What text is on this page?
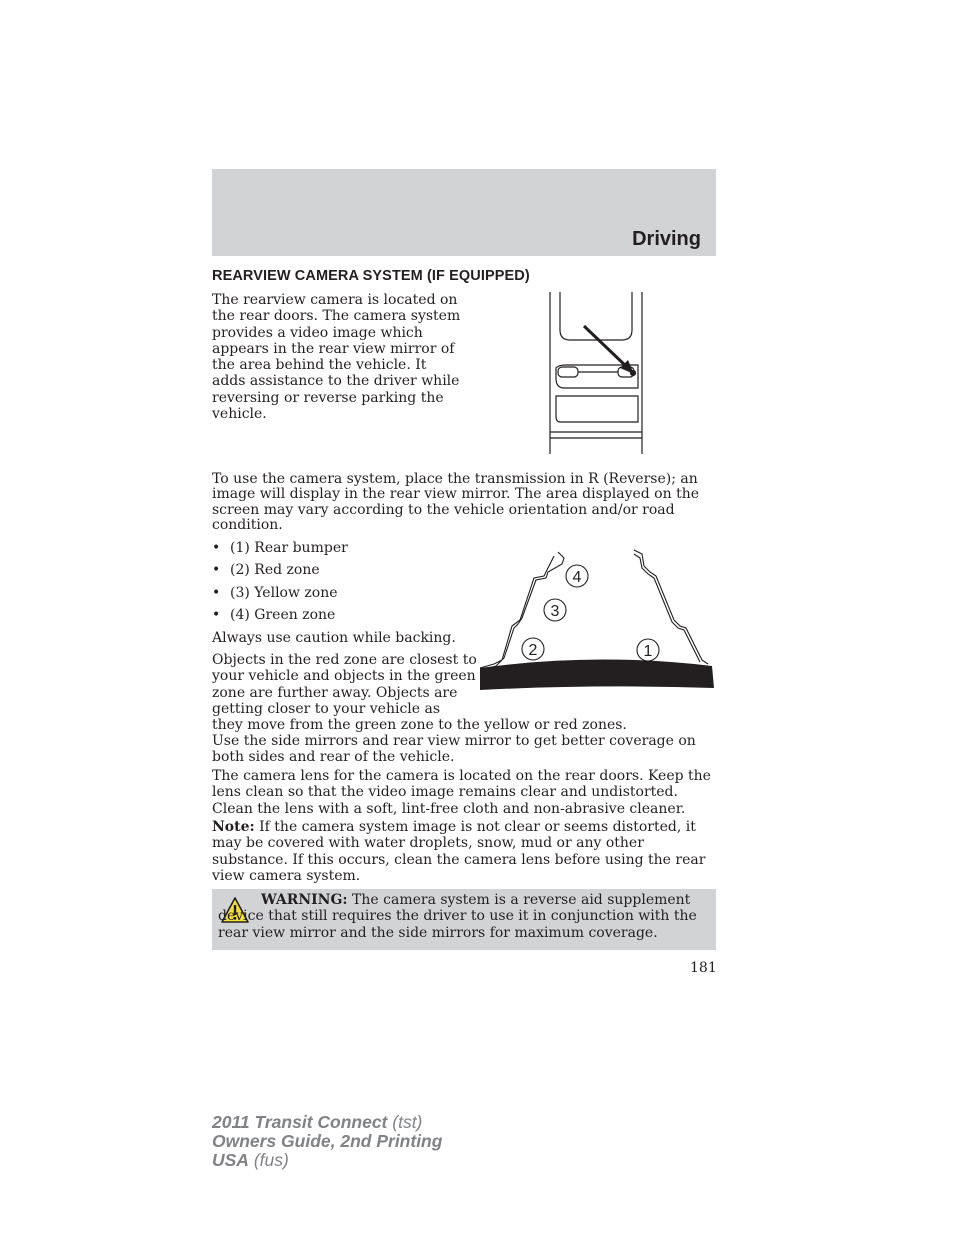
Driving
REARVIEW CAMERA SYSTEM (IF EQUIPPED)
The rearview camera is located on the rear doors. The camera system provides a video image which appears in the rear view mirror of the area behind the vehicle. It adds assistance to the driver while reversing or reverse parking the vehicle.
To use the camera system, place the transmission in R (Reverse); an image will display in the rear view mirror. The area displayed on the screen may vary according to the vehicle orientation and/or road condition.
• (1) Rear bumper
• (2) Red zone
• (3) Yellow zone
• (4) Green zone
Always use caution while backing.
4
3
2	1
Objects in the red zone are closest to your vehicle and objects in the green zone are further away. Objects are getting closer to your vehicle as
they move from the green zone to the yellow or red zones.
Use the side mirrors and rear view mirror to get better coverage on both sides and rear of the vehicle.
The camera lens for the camera is located on the rear doors. Keep the lens clean so that the video image remains clear and undistorted. Clean the lens with a soft, lint-free cloth and non-abrasive cleaner.
Note: If the camera system image is not clear or seems distorted, it may be covered with water droplets, snow, mud or any other substance. If this occurs, clean the camera lens before using the rear view camera system.
WARNING: The camera system is a reverse aid supplement device that still requires the driver to use it in conjunction with the rear view mirror and the side mirrors for maximum coverage.
181
2011 Transit Connect (tst)
Owners Guide, 2nd Printing
USA (fus)
